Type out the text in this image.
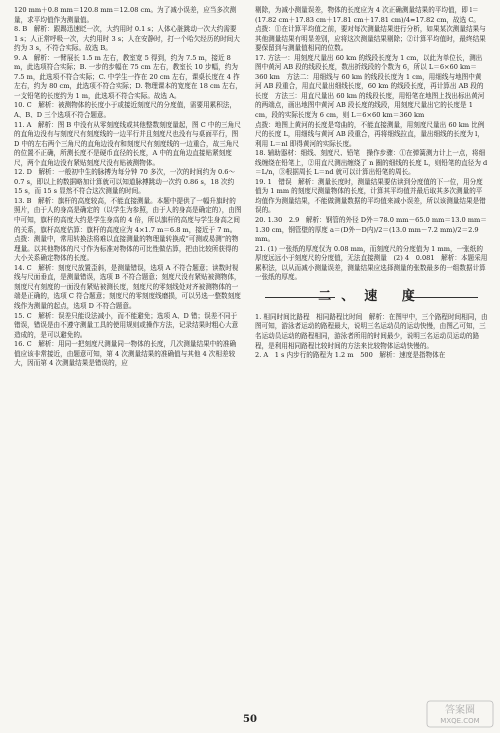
120 mm＋0.8 mm＝120.8 mm＝12.08 cm。为了减小误差，应当多次测量，求平均值作为测量值。

8. B　解析：跟踢迅速眨一次，大约用时 0.1 s；人体心脏跳动一次大约需要 1 s；人正常呼吸一次，大约用时 3 s；人在安静时，打一个哈欠经历的时间大约为 3 s，不符合实际。故选 B。

9. A　解析：一臂展长 1.5 m 左右，教室宽 5 得到，约为 7.5 m，接近 8 m，此选项符合实际；B. 一步的步幅在 75 cm 左右，教室长 10 步幅，约为 7.5 m，此选项不符合实际；C. 中学生一拃在 20 cm 左右，课桌长度在 4 拃左右，约为 80 cm，此选项不符合实际；D. 物理课本的宽度在 18 cm 左右，一支铅笔的长度约为 1 m，此选项不符合实际。故选 A。

10. C　解析：被测物体的长度小于或接近刻度尺的分度值，需要用累积法，A、B、D 三个选项不符合题意。

11. A　解析：图 B 中没有从零刻度线或其他整数刻度量起，图 C 中的三角尺的直角边没有与刻度尺有刻度线的一边平行并且刻度尺也没有与桌面平行，图 D 中的左右两个三角尺的直角边没有和刻度尺有刻度线的一边重合，故三角尺的位置不正确，所测长度不是硬币直径的长度，A 中的直角边直接贴紧刻度尺，两个直角边没有紧贴刻度尺没有贴被测物体。

12. D　解析：一般初中生的脉搏为每分钟 70 多次，一次的时间约为 0.6～0.7 s，即以上的数据略加计算就可以知道脉搏跳动一次约 0.86 s，18 次约 15 s，而 15 s 显然不符合这次测量的时间。

13. B　解析：旗杆的高度较高，不能直接测量。本题中提供了一幅升旗时的照片，由于人的身高是确定的（以学生为参照，由于人的身高是确定的），由图中可知，旗杆的高度大约是学生身高的 4 倍，所以旗杆的高度与学生身高之间的关系，旗杆高度估算：旗杆的高度应为 4×1.7 m＝6.8 m，接近于 7 m。

点拨：测量中，常用转换法将难以直接测量的物理量转换成“可测或易测”的物理量。以其他物体的尺寸作为标准对物体的可比性做估算，把由比较所获得的大小关系确定物体的长度。

14. C　解析：刻度尺放置歪斜，是测量错误，选项 A 不符合题意；读数时视线与尺面垂直，是测量错误，选项 B 不符合题意；刻度尺没有紧贴被测物体，刻度尺有刻度的一面没有紧贴被测长度，刻度尺的零刻线处对齐被测物体的一端是正确的，选项 C 符合题意；刻度尺的零刻度线磨损，可以另选一整数刻度线作为测量的起点，选项 D 不符合题意。

15. C　解析：误差只能设法减小，而不能避免；选项 A、D 错；误差不同于错误，错误是由不遵守测量工具的使用规则或操作方法，记录结果时粗心大意造成的，是可以避免的。

16. C　解析：用同一把刻度尺测量同一物体的长度，几次测量结果中的准确值应该非常接近，由题意可知，第 4 次测量结果的准确值与其他 4 次相差较大，因而第 4 次测量结果是错误的，应

剔除，为减小测量误差，物体的长度应为 4 次正确测量结果的平均值，即 l＝(17.82 cm＋17.83 cm＋17.81 cm＋17.81 cm)/4≈17.82 cm，故选 C。

点拨：①在计算平均值之前，要对每次测量结果进行分析，如果某次测量结果与其他测量结果有明显差别，应将这次测量结果剔除；②计算平均值时，最终结果要保留到与测量值相同的位数。

17. 方法一：用刻度尺量出 60 km 的线段长度为 1 cm，以此为单位长，测出图中黄河 AB 段的线段长度，数出折线段的个数为 6，所以 L＝6×60 km＝360 km　方法二：用细线与 60 km 的线段长度为 1 cm，用细线与地图中黄河 AB 段重合，用直尺量出细线长度，60 km 的线段长度，再计算出 AB 段的长度　方法三：用直尺量出 60 km 的线段长度，用铅笔在地图上找出标出黄河的两端点，画出地图中黄河 AB 段长度的线段，用刻度尺量出它的长度是 1 cm，段的实际长度为 6 cm，则 L＝6×60 km＝360 km

点拨：地图上黄河的长度是弯曲的，不能直接测量，用刻度尺量出 60 km 比例尺的长度 L，用细线与黄河 AB 段重合，再将细线拉直，量出细线的长度为 l，利用 L＝nl 即得黄河的实际长度。

18. 辅助器材：细线、刻度尺、铅笔　操作步骤：①在弹簧测力计上一点，将细线缠绕在铅笔上，②用直尺测出缠绕了 n 圈的细线的长度 L，则铅笔的直径为 d＝L/n，③根据周长 L＝nd 就可以计算出铅笔的周长。

19. 1　错误　解析：测量长度时，测量结果要估读到分度值的下一位，用分度值为 1 mm 的刻度尺测量物体的长度，计算其平均值并最后取其多次测量的平均值作为测量结果，不能做测量数据的平均值来减小误差，所以该测量结果是错误的。

20. 1.30　2.9　解析：钢管的外径 D外＝78.0 mm－65.0 mm＝13.0 mm＝1.30 cm，钢管壁的厚度 a＝(D外－D内)/2＝(13.0 mm－7.2 mm)/2＝2.9 mm。

21. (1) 一张纸的厚度仅为 0.08 mm，而刻度尺的分度值为 1 mm，一张纸的厚度远远小于刻度尺的分度值，无法直接测量　(2) 4　0.081　解析：本题采用累积法，以从而减小测量误差，测量结果应选择测量的张数最多的一组数据计算一张纸的厚度。

二、速 度

1. 相同时间比路程　相同路程比时间　解析：在图甲中，三个路程时间相同，由图可知，游泳者运动的路程最大，说明三名运动员的运动快慢，由图乙可知，三名运动员运动的路程相同，游泳者所用的时间最少，说明三名运动员运动的路程，是利用相同路程比较时间的方法来比较物体运动快慢的。

2. A　1 s 内步行的路程为 1.2 m　500　解析：速度是指物体在

50
答案圈
MXQE.COM
